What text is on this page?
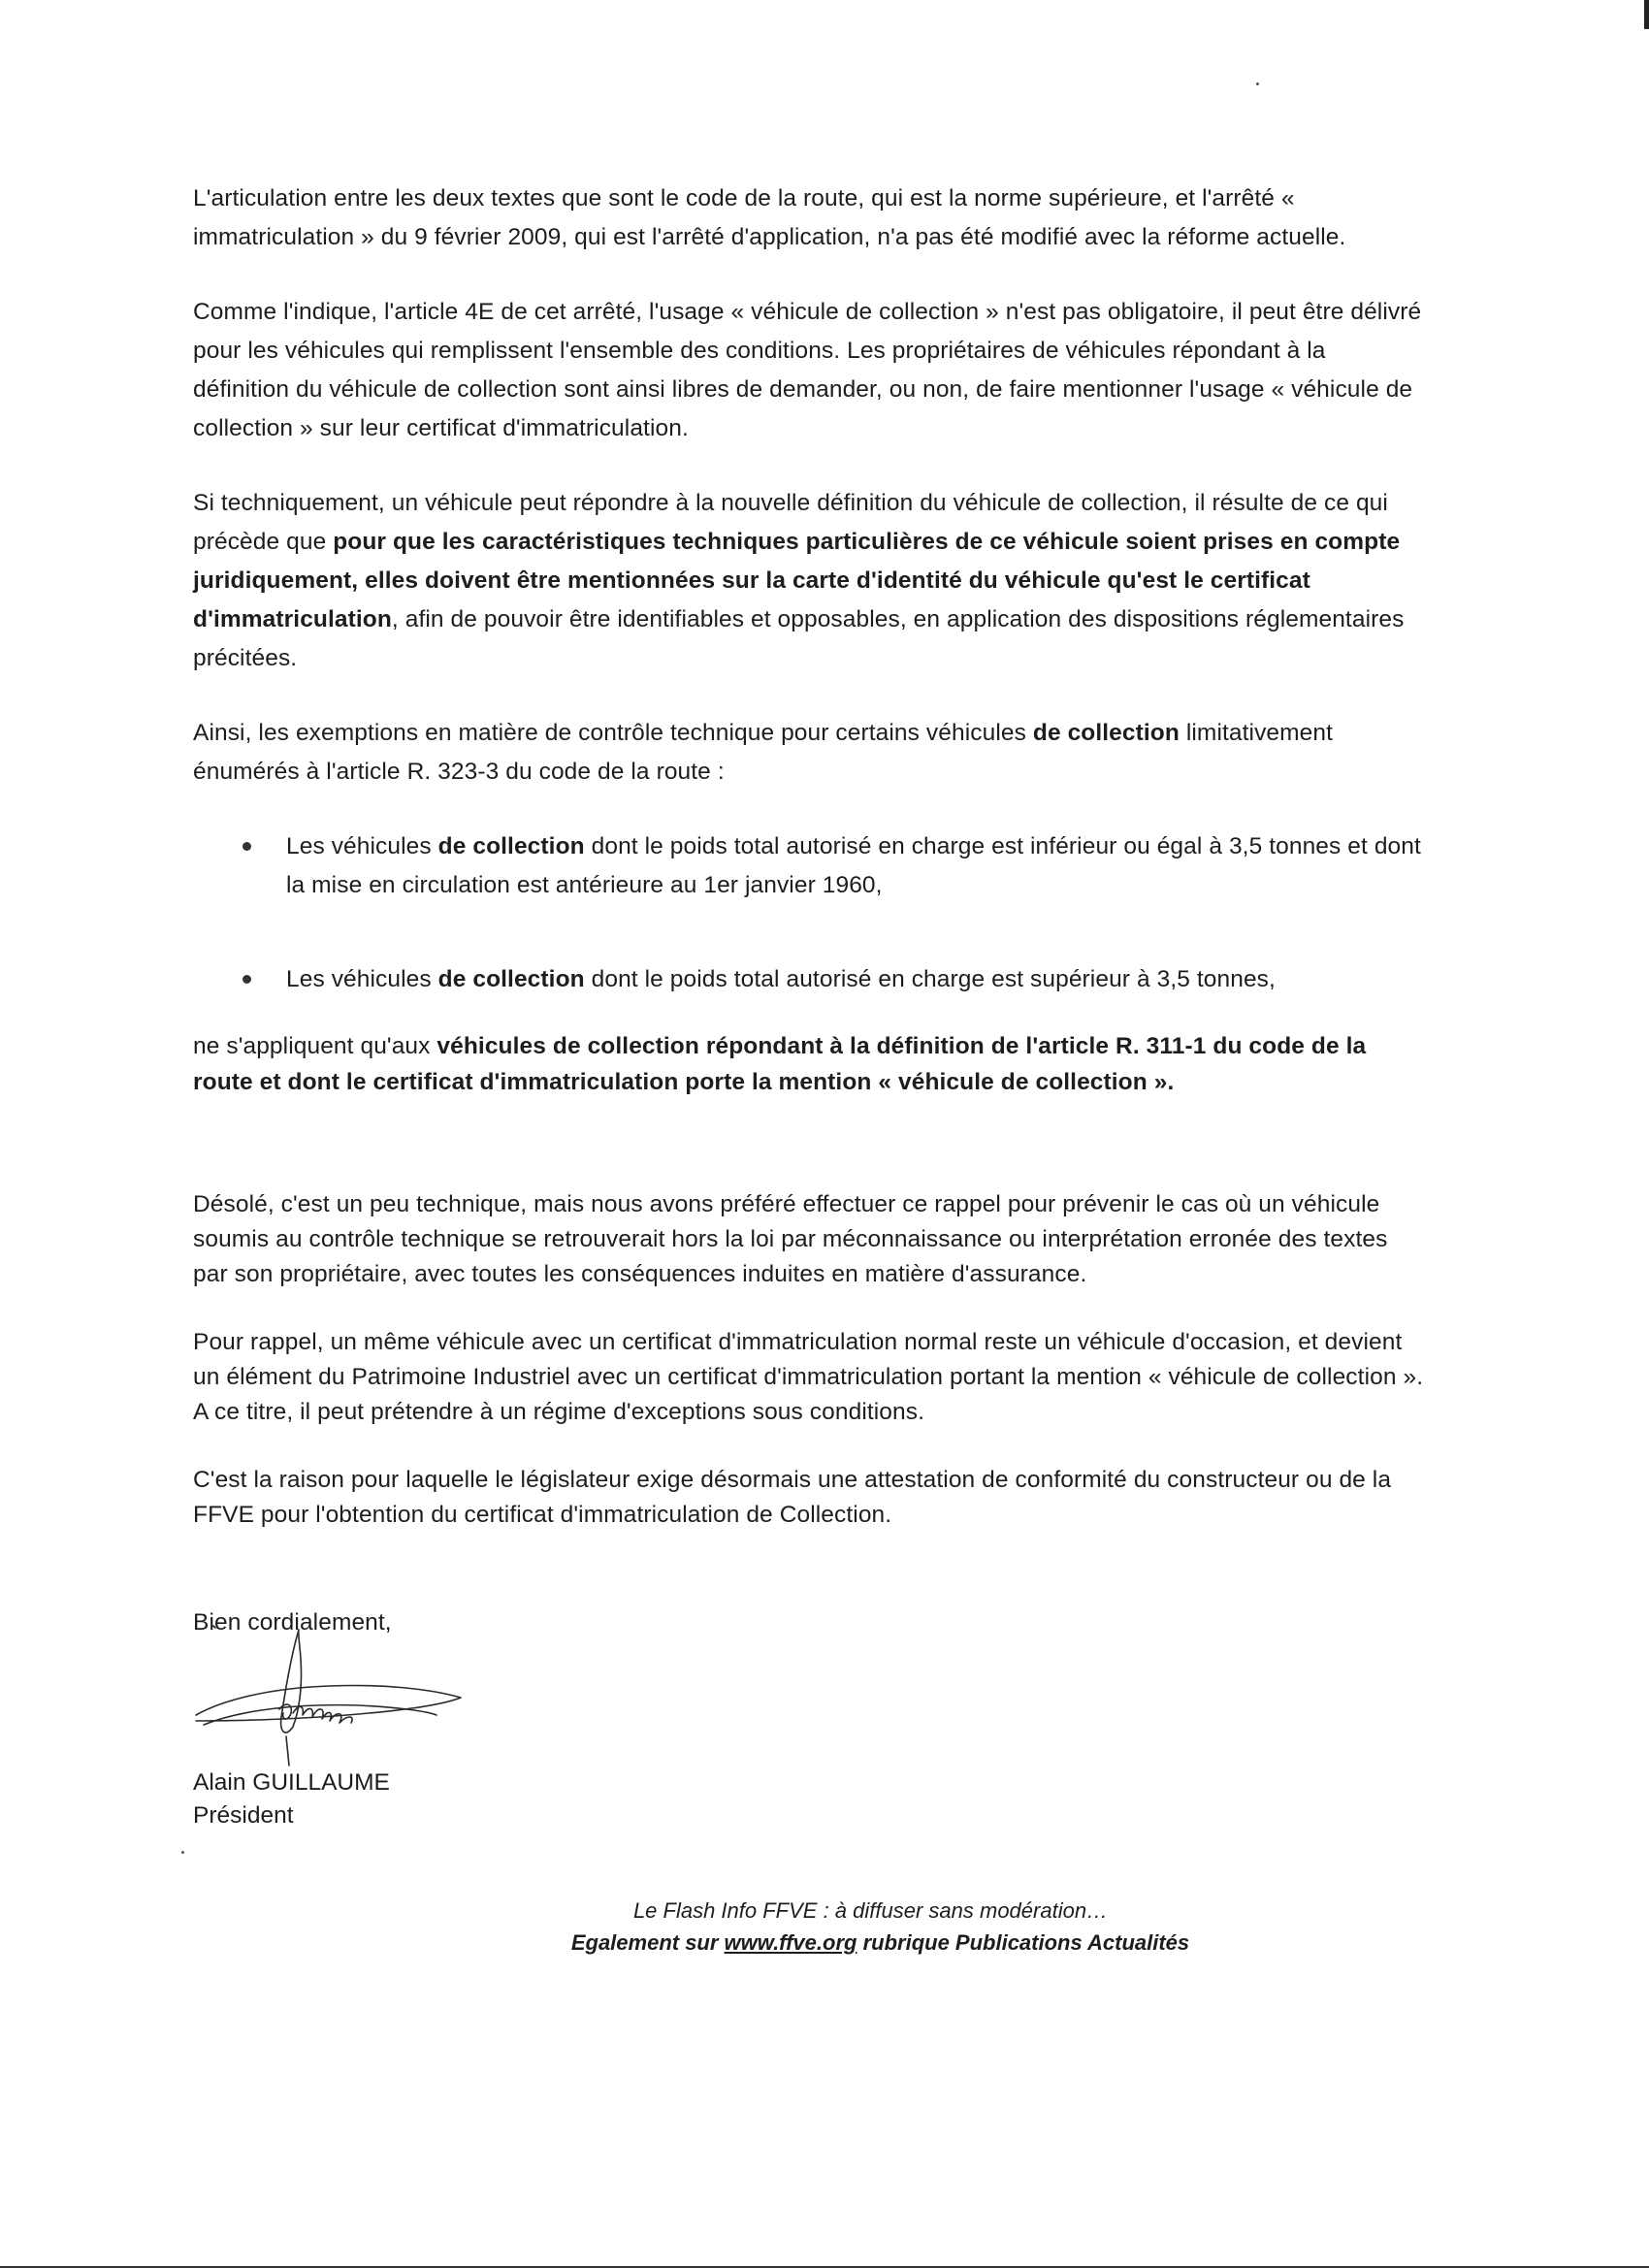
L'articulation entre les deux textes que sont le code de la route, qui est la norme supérieure, et l'arrêté « immatriculation » du 9 février 2009, qui est l'arrêté d'application, n'a pas été modifié avec la réforme actuelle.

Comme l'indique, l'article 4E de cet arrêté, l'usage « véhicule de collection » n'est pas obligatoire, il peut être délivré pour les véhicules qui remplissent l'ensemble des conditions. Les propriétaires de véhicules répondant à la définition du véhicule de collection sont ainsi libres de demander, ou non, de faire mentionner l'usage « véhicule de collection » sur leur certificat d'immatriculation.

Si techniquement, un véhicule peut répondre à la nouvelle définition du véhicule de collection, il résulte de ce qui précède que pour que les caractéristiques techniques particulières de ce véhicule soient prises en compte juridiquement, elles doivent être mentionnées sur la carte d'identité du véhicule qu'est le certificat d'immatriculation, afin de pouvoir être identifiables et opposables, en application des dispositions réglementaires précitées.

Ainsi, les exemptions en matière de contrôle technique pour certains véhicules de collection limitativement énumérés à l'article R. 323-3 du code de la route :

Les véhicules de collection dont le poids total autorisé en charge est inférieur ou égal à 3,5 tonnes et dont la mise en circulation est antérieure au 1er janvier 1960,
Les véhicules de collection dont le poids total autorisé en charge est supérieur à 3,5 tonnes,

ne s'appliquent qu'aux véhicules de collection répondant à la définition de l'article R. 311-1 du code de la route et dont le certificat d'immatriculation porte la mention « véhicule de collection ».

Désolé, c'est un peu technique, mais nous avons préféré effectuer ce rappel pour prévenir le cas où un véhicule soumis au contrôle technique se retrouverait hors la loi par méconnaissance ou interprétation erronée des textes par son propriétaire, avec toutes les conséquences induites en matière d'assurance.

Pour rappel, un même véhicule avec un certificat d'immatriculation normal reste un véhicule d'occasion, et devient un élément du Patrimoine Industriel avec un certificat d'immatriculation portant la mention « véhicule de collection ». A ce titre, il peut prétendre à un régime d'exceptions sous conditions.

C'est la raison pour laquelle le législateur exige désormais une attestation de conformité du constructeur ou de la FFVE pour l'obtention du certificat d'immatriculation de Collection.

Bien cordialement,

Alain GUILLAUME
Président
Le Flash Info FFVE : à diffuser sans modération…
Egalement sur www.ffve.org rubrique Publications Actualités
